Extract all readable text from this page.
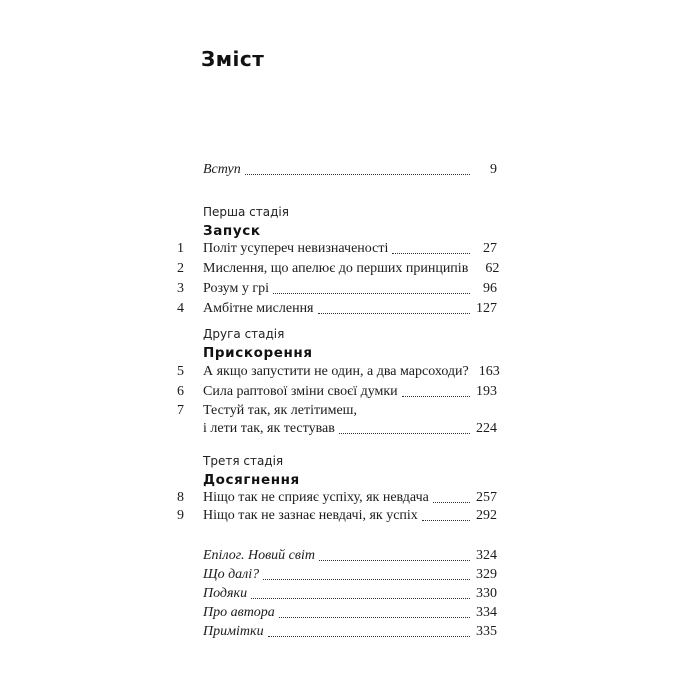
Зміст
Вступ	9
Перша стадія
Запуск
1 Політ усупереч невизначеності	27
2 Мислення, що апелює до перших принципів	62
3 Розум у грі	96
4 Амбітне мислення	127
Друга стадія
Прискорення
5 А якщо запустити не один, а два марсоходи? 163
6 Сила раптової зміни своєї думки	193
7 Тестуй так, як летітимеш,
і лети так, як тестував	224
Третя стадія
Досягнення
8 Ніщо так не сприяє успіху, як невдача	257
9 Ніщо так не зазнає невдачі, як успіх	292
Епілог. Новий світ	324
Що далі?	329
Подяки	330
Про автора	334
Примітки	335
